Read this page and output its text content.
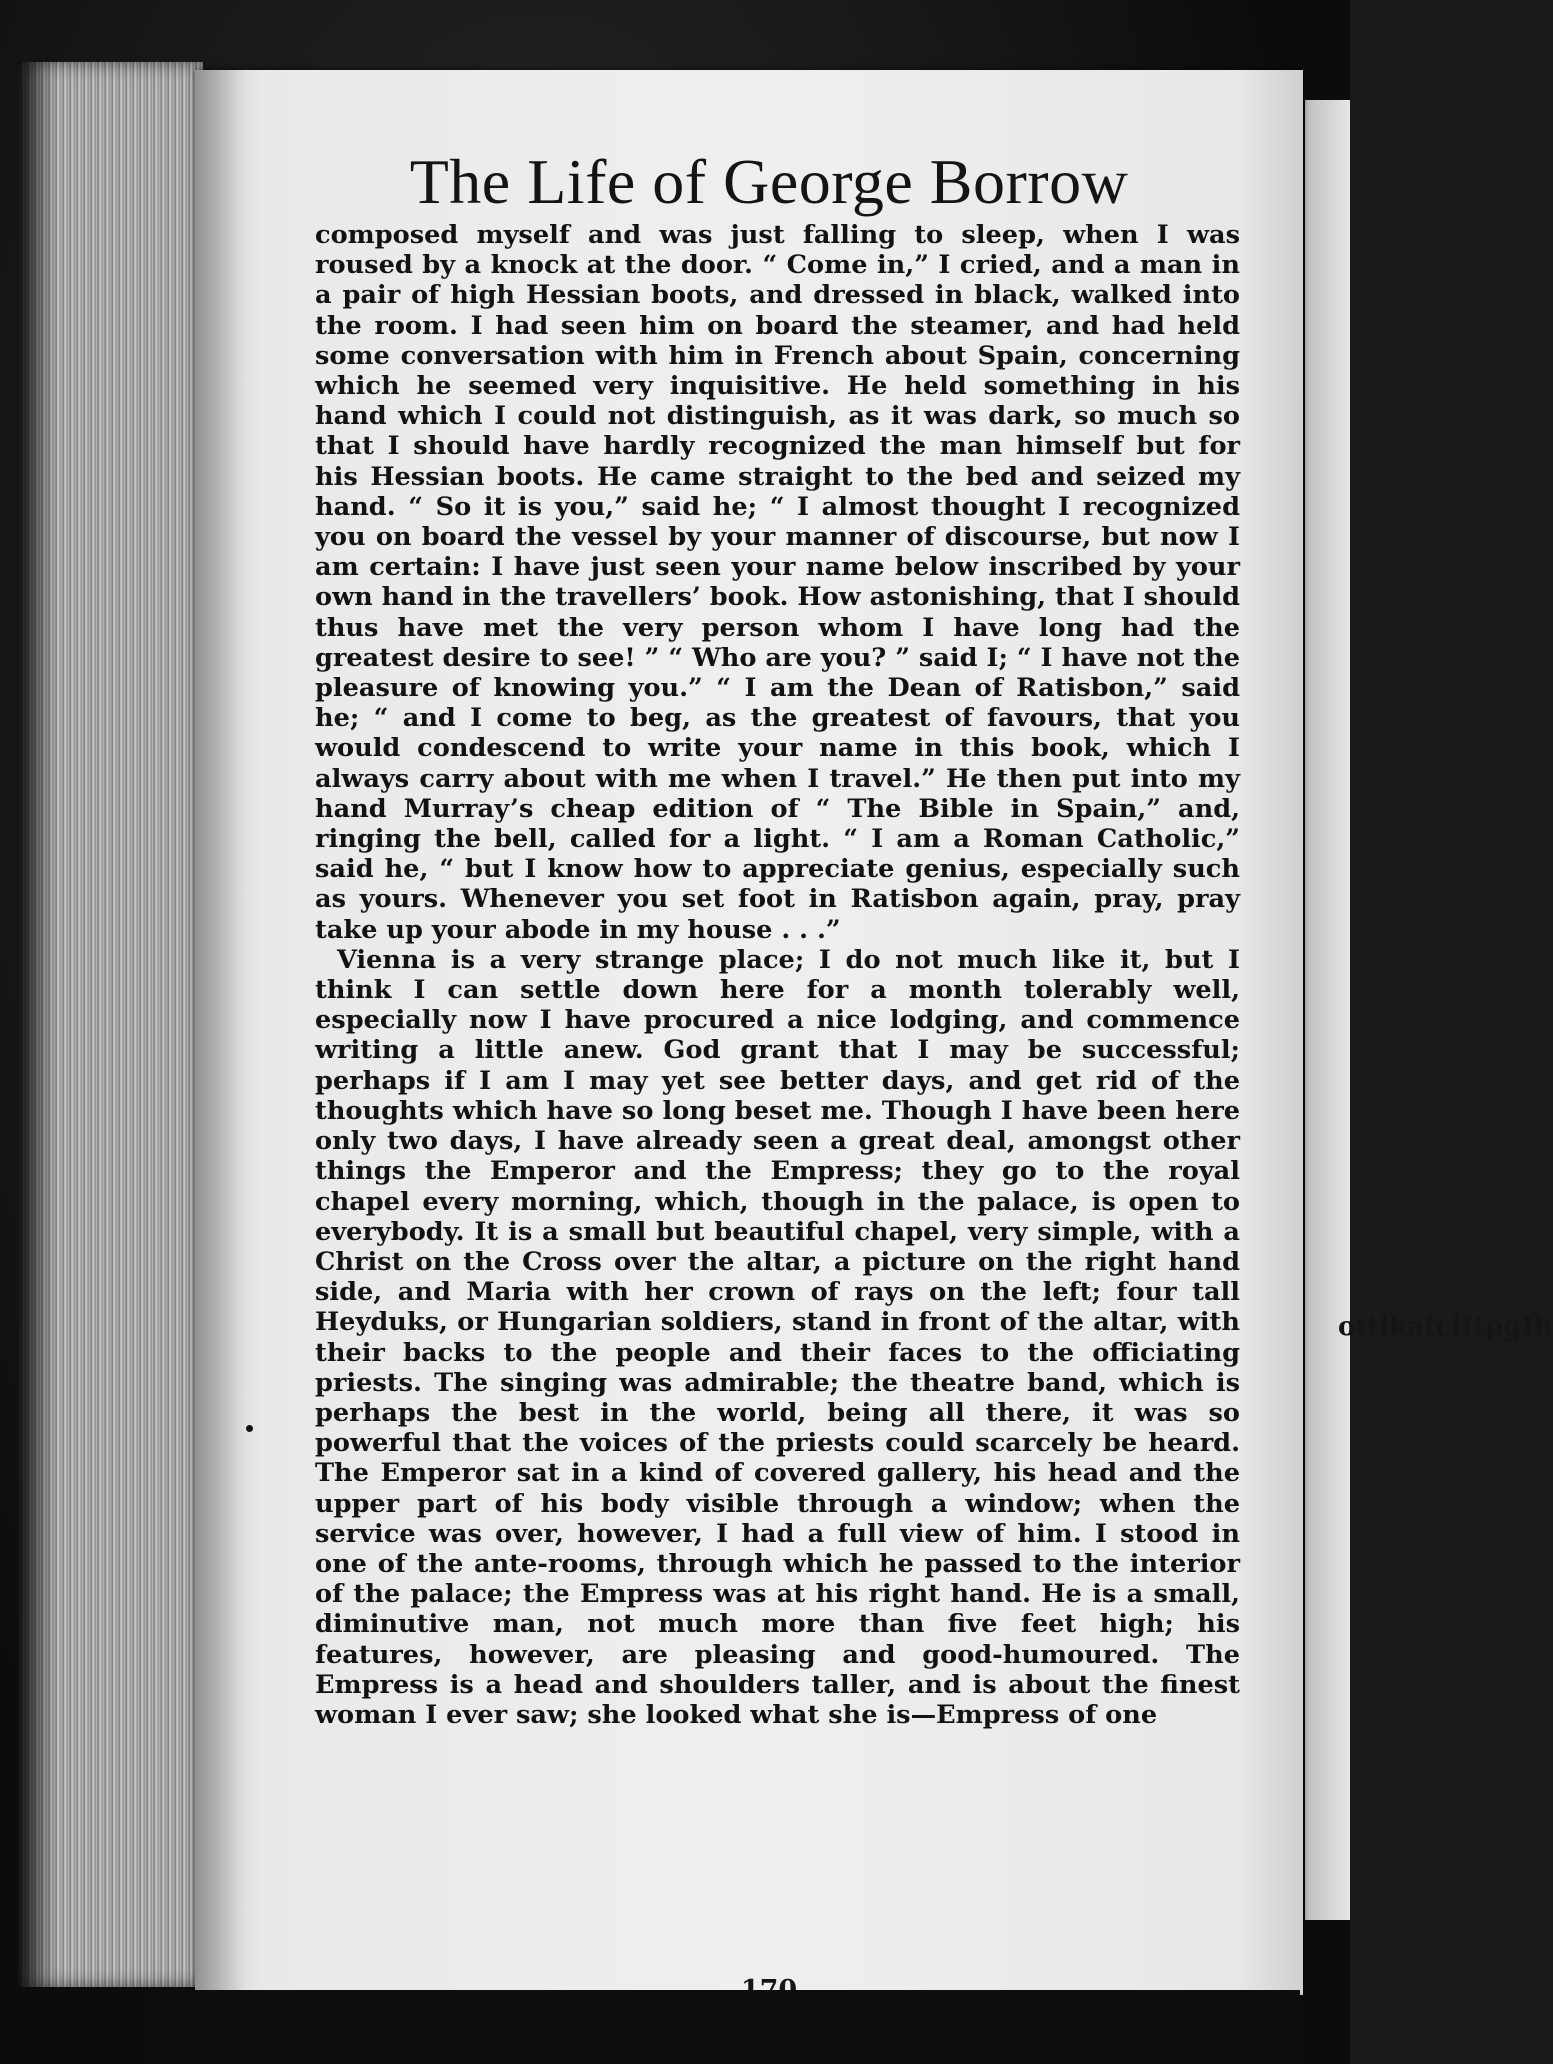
ottlkafclItpgIh
The Life of George Borrow

composed myself and was just falling to sleep, when I was roused by a knock at the door. “ Come in,” I cried, and a man in a pair of high Hessian boots, and dressed in black, walked into the room. I had seen him on board the steamer, and had held some conversation with him in French about Spain, concerning which he seemed very inquisitive. He held something in his hand which I could not distinguish, as it was dark, so much so that I should have hardly recognized the man himself but for his Hessian boots. He came straight to the bed and seized my hand. “ So it is you,” said he; “ I almost thought I recognized you on board the vessel by your manner of discourse, but now I am certain: I have just seen your name below inscribed by your own hand in the travellers’ book. How astonishing, that I should thus have met the very person whom I have long had the greatest desire to see! ” “ Who are you? ” said I; “ I have not the pleasure of knowing you.” “ I am the Dean of Ratisbon,” said he; “ and I come to beg, as the greatest of favours, that you would condescend to write your name in this book, which I always carry about with me when I travel.” He then put into my hand Murray’s cheap edition of “ The Bible in Spain,” and, ringing the bell, called for a light. “ I am a Roman Catholic,” said he, “ but I know how to appreciate genius, especially such as yours. Whenever you set foot in Ratisbon again, pray, pray take up your abode in my house . . .”

Vienna is a very strange place; I do not much like it, but I think I can settle down here for a month tolerably well, especially now I have procured a nice lodging, and commence writing a little anew. God grant that I may be successful; perhaps if I am I may yet see better days, and get rid of the thoughts which have so long beset me. Though I have been here only two days, I have already seen a great deal, amongst other things the Emperor and the Empress; they go to the royal chapel every morning, which, though in the palace, is open to everybody. It is a small but beautiful chapel, very simple, with a Christ on the Cross over the altar, a picture on the right hand side, and Maria with her crown of rays on the left; four tall Heyduks, or Hungarian soldiers, stand in front of the altar, with their backs to the people and their faces to the officiating priests. The singing was admirable; the theatre band, which is perhaps the best in the world, being all there, it was so powerful that the voices of the priests could scarcely be heard. The Emperor sat in a kind of covered gallery, his head and the upper part of his body visible through a window; when the service was over, however, I had a full view of him. I stood in one of the ante-rooms, through which he passed to the interior of the palace; the Empress was at his right hand. He is a small, diminutive man, not much more than five feet high; his features, however, are pleasing and good-humoured. The Empress is a head and shoulders taller, and is about the finest woman I ever saw; she looked what she is—Empress of one
